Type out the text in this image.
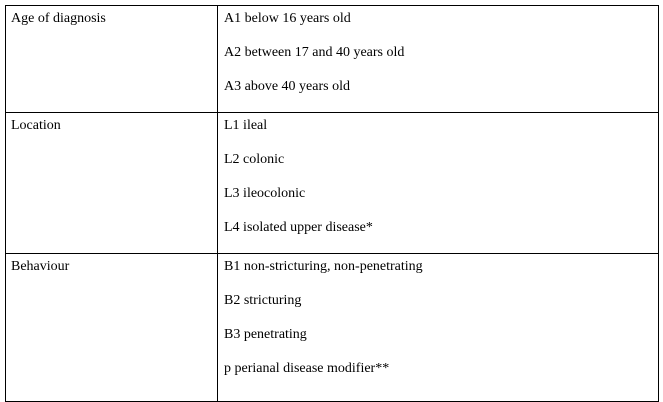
Age of diagnosis	A1 below 16 years old
A2 between 17 and 40 years old
A3 above 40 years old

Location	L1 ileal
L2 colonic
L3 ileocolonic
L4 isolated upper disease*

Behaviour	B1 non-stricturing, non-penetrating
B2 stricturing
B3 penetrating
p perianal disease modifier**
